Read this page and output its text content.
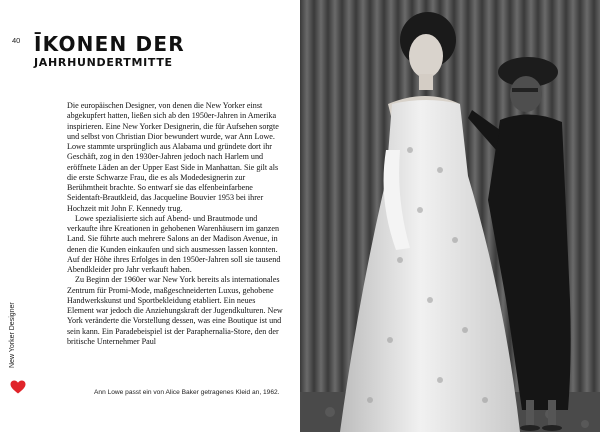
40 ĪKONEN DER
JAHRHUNDERTMITTE

Die europäischen Designer, von denen die New Yorker einst abgekupfert hatten, ließen sich ab den 1950er-Jahren in Amerika inspirieren. Eine New Yorker Designerin, die für Aufsehen sorgte und selbst von Christian Dior bewundert wurde, war Ann Lowe. Lowe stammte ursprünglich aus Alabama und gründete dort ihr Geschäft, zog in den 1930er-Jahren jedoch nach Harlem und eröffnete Läden an der Upper East Side in Manhattan. Sie gilt als die erste Schwarze Frau, die es als Modedesignerin zur Berühmtheit brachte. So entwarf sie das elfenbeinfarbene Seidentaft-Brautkleid, das Jacqueline Bouvier 1953 bei ihrer Hochzeit mit John F. Kennedy trug.

Lowe spezialisierte sich auf Abend- und Brautmode und verkaufte ihre Kreationen in gehobenen Warenhäusern im ganzen Land. Sie führte auch mehrere Salons an der Madison Avenue, in denen die Kunden einkaufen und sich ausmessen lassen konnten. Auf der Höhe ihres Erfolges in den 1950er-Jahren soll sie tausend Abendkleider pro Jahr verkauft haben.

Zu Beginn der 1960er war New York bereits als internationales Zentrum für Promi-Mode, maßgeschneiderten Luxus, gehobene Handwerkskunst und Sportbekleidung etabliert. Ein neues Element war jedoch die Anziehungskraft der Jugendkulturen. New York veränderte die Vorstellung dessen, was eine Boutique ist und sein kann. Ein Paradebeispiel ist der Paraphernalia-Store, den der britische Unternehmer Paul

Ann Lowe passt ein von Alice Baker getragenes Kleid an, 1962.
New Yorker Designer
